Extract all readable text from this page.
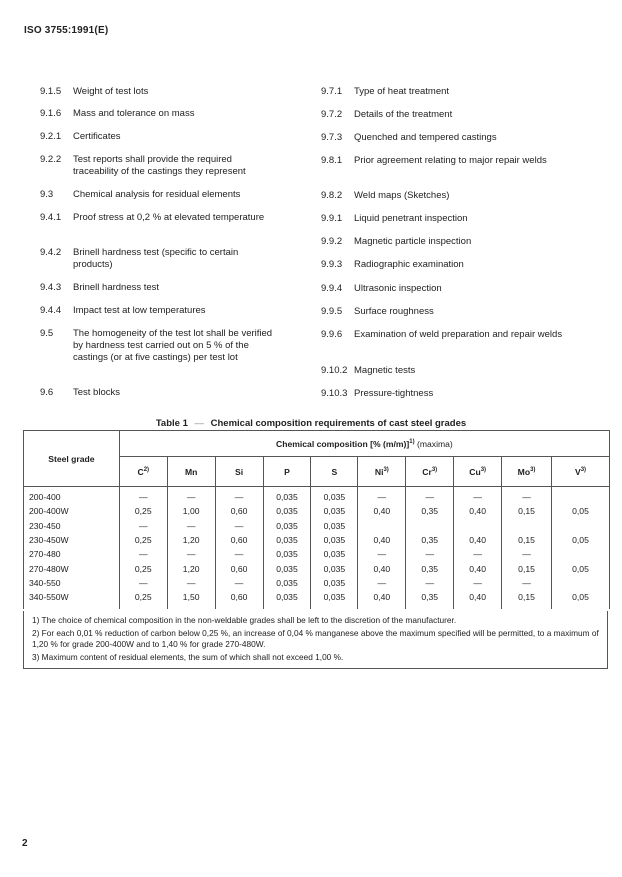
ISO 3755:1991(E)
9.1.5 Weight of test lots
9.1.6 Mass and tolerance on mass
9.2.1 Certificates
9.2.2 Test reports shall provide the required traceability of the castings they represent
9.3 Chemical analysis for residual elements
9.4.1 Proof stress at 0,2 % at elevated temperature
9.4.2 Brinell hardness test (specific to certain products)
9.4.3 Brinell hardness test
9.4.4 Impact test at low temperatures
9.5 The homogeneity of the test lot shall be verified by hardness test carried out on 5 % of the castings (or at five castings) per test lot
9.6 Test blocks
9.7.1 Type of heat treatment
9.7.2 Details of the treatment
9.7.3 Quenched and tempered castings
9.8.1 Prior agreement relating to major repair welds
9.8.2 Weld maps (Sketches)
9.9.1 Liquid penetrant inspection
9.9.2 Magnetic particle inspection
9.9.3 Radiographic examination
9.9.4 Ultrasonic inspection
9.9.5 Surface roughness
9.9.6 Examination of weld preparation and repair welds
9.10.2 Magnetic tests
9.10.3 Pressure-tightness
Table 1 — Chemical composition requirements of cast steel grades
Steel grade	Chemical composition [% (m/m)]$^{1)}$ (maxima)									
	$C^{2)}$	Mn	Si	P	S	Ni$^{3)}$	Cr$^{3)}$	Cu$^{3)}$	Mo$^{3)}$	$V^{3)}$
200-400	—	—	—	0,035	0,035	—	—	—	—	
200-400W	0,25	1,00	0,60	0,035	0,035	0,40	0,35	0,40	0,15	0,05
230-450	—	—	—	0,035	0,035					
230-450W	0,25	1,20	0,60	0,035	0,035	0,40	0,35	0,40	0,15	0,05
270-480	—	—	—	0,035	0,035	—	—	—	—	
270-480W	0,25	1,20	0,60	0,035	0,035	0,40	0,35	0,40	0,15	0,05
340-550	—	—	—	0,035	0,035	—	—	—	—	
340-550W	0,25	1,50	0,60	0,035	0,035	0,40	0,35	0,40	0,15	0,05
1) The choice of chemical composition in the non-weldable grades shall be left to the discretion of the manufacturer.
2) For each 0,01 % reduction of carbon below 0,25 %, an increase of 0,04 % manganese above the maximum specified will be permitted, to a maximum of 1,20 % for grade 200-400W and to 1,40 % for grade 270-480W.
3) Maximum content of residual elements, the sum of which shall not exceed 1,00 %.
2
